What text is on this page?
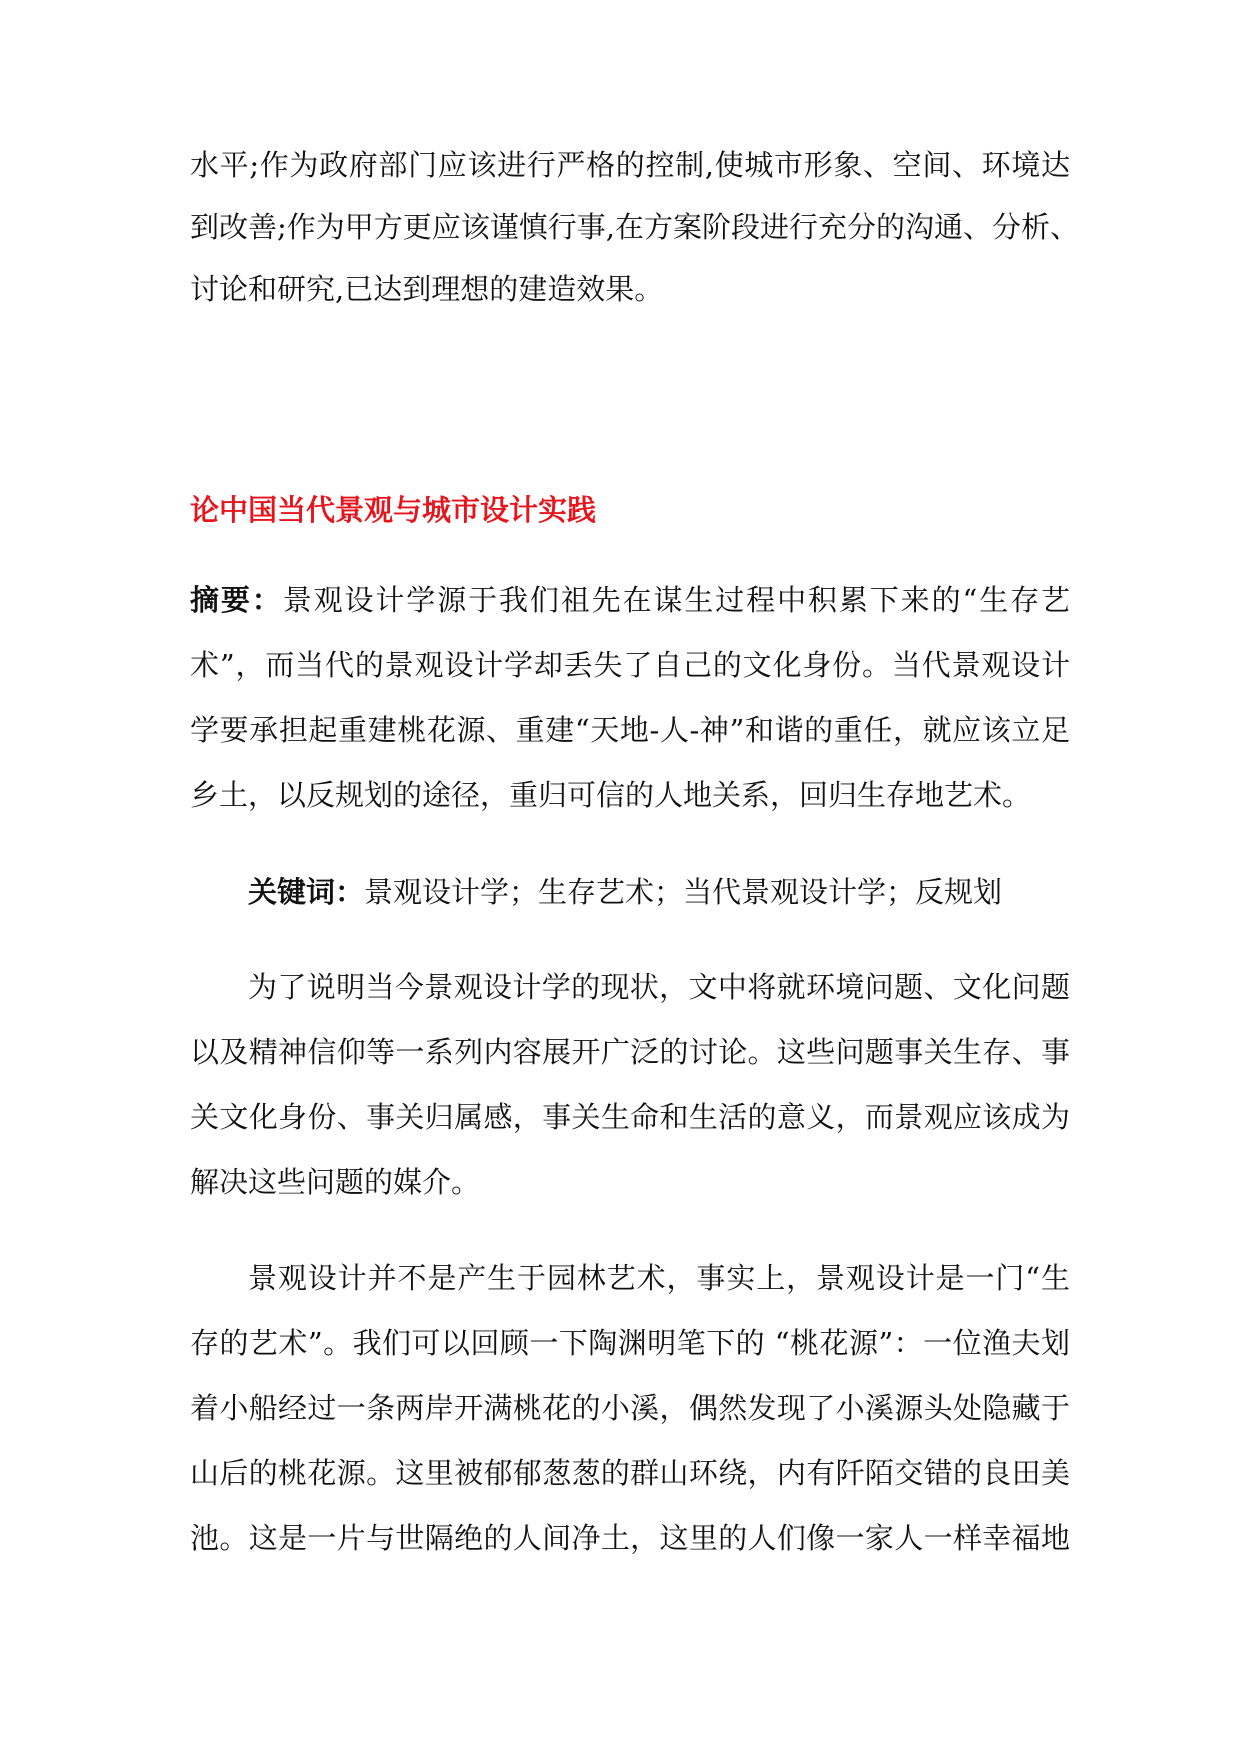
水平;作为政府部门应该进行严格的控制,使城市形象、空间、环境达
到改善;作为甲方更应该谨慎行事,在方案阶段进行充分的沟通、分析、
讨论和研究,已达到理想的建造效果。
论中国当代景观与城市设计实践
摘要：景观设计学源于我们祖先在谋生过程中积累下来的“生存艺
术”，而当代的景观设计学却丢失了自己的文化身份。当代景观设计
学要承担起重建桃花源、重建“天地-人-神”和谐的重任，就应该立足
乡土，以反规划的途径，重归可信的人地关系，回归生存地艺术。
关键词：景观设计学；生存艺术；当代景观设计学；反规划
为了说明当今景观设计学的现状，文中将就环境问题、文化问题
以及精神信仰等一系列内容展开广泛的讨论。这些问题事关生存、事
关文化身份、事关归属感，事关生命和生活的意义，而景观应该成为
解决这些问题的媒介。
景观设计并不是产生于园林艺术，事实上，景观设计是一门“生
存的艺术”。我们可以回顾一下陶渊明笔下的 “桃花源”：一位渔夫划
着小船经过一条两岸开满桃花的小溪，偶然发现了小溪源头处隐藏于
山后的桃花源。这里被郁郁葱葱的群山环绕，内有阡陌交错的良田美
池。这是一片与世隔绝的人间净土，这里的人们像一家人一样幸福地
